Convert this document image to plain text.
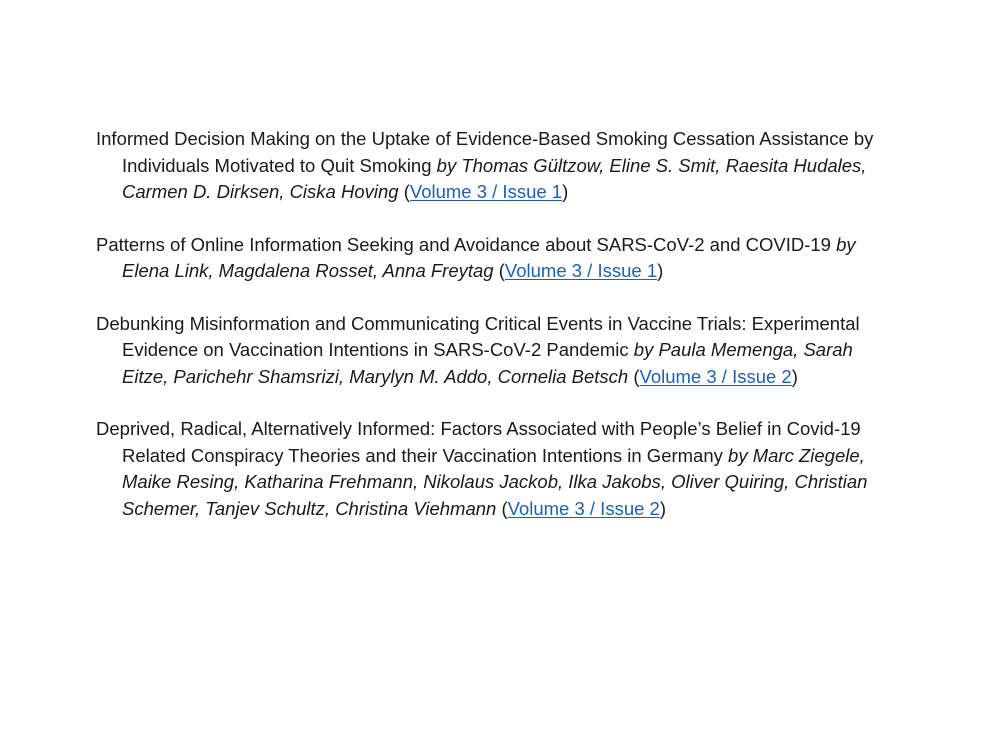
Informed Decision Making on the Uptake of Evidence-Based Smoking Cessation Assistance by Individuals Motivated to Quit Smoking by Thomas Gültzow, Eline S. Smit, Raesita Hudales, Carmen D. Dirksen, Ciska Hoving (Volume 3 / Issue 1)

Patterns of Online Information Seeking and Avoidance about SARS-CoV-2 and COVID-19 by Elena Link, Magdalena Rosset, Anna Freytag (Volume 3 / Issue 1)

Debunking Misinformation and Communicating Critical Events in Vaccine Trials: Experimental Evidence on Vaccination Intentions in SARS-CoV-2 Pandemic by Paula Memenga, Sarah Eitze, Parichehr Shamsrizi, Marylyn M. Addo, Cornelia Betsch (Volume 3 / Issue 2)

Deprived, Radical, Alternatively Informed: Factors Associated with People’s Belief in Covid-19 Related Conspiracy Theories and their Vaccination Intentions in Germany by Marc Ziegele, Maike Resing, Katharina Frehmann, Nikolaus Jackob, Ilka Jakobs, Oliver Quiring, Christian Schemer, Tanjev Schultz, Christina Viehmann (Volume 3 / Issue 2)
